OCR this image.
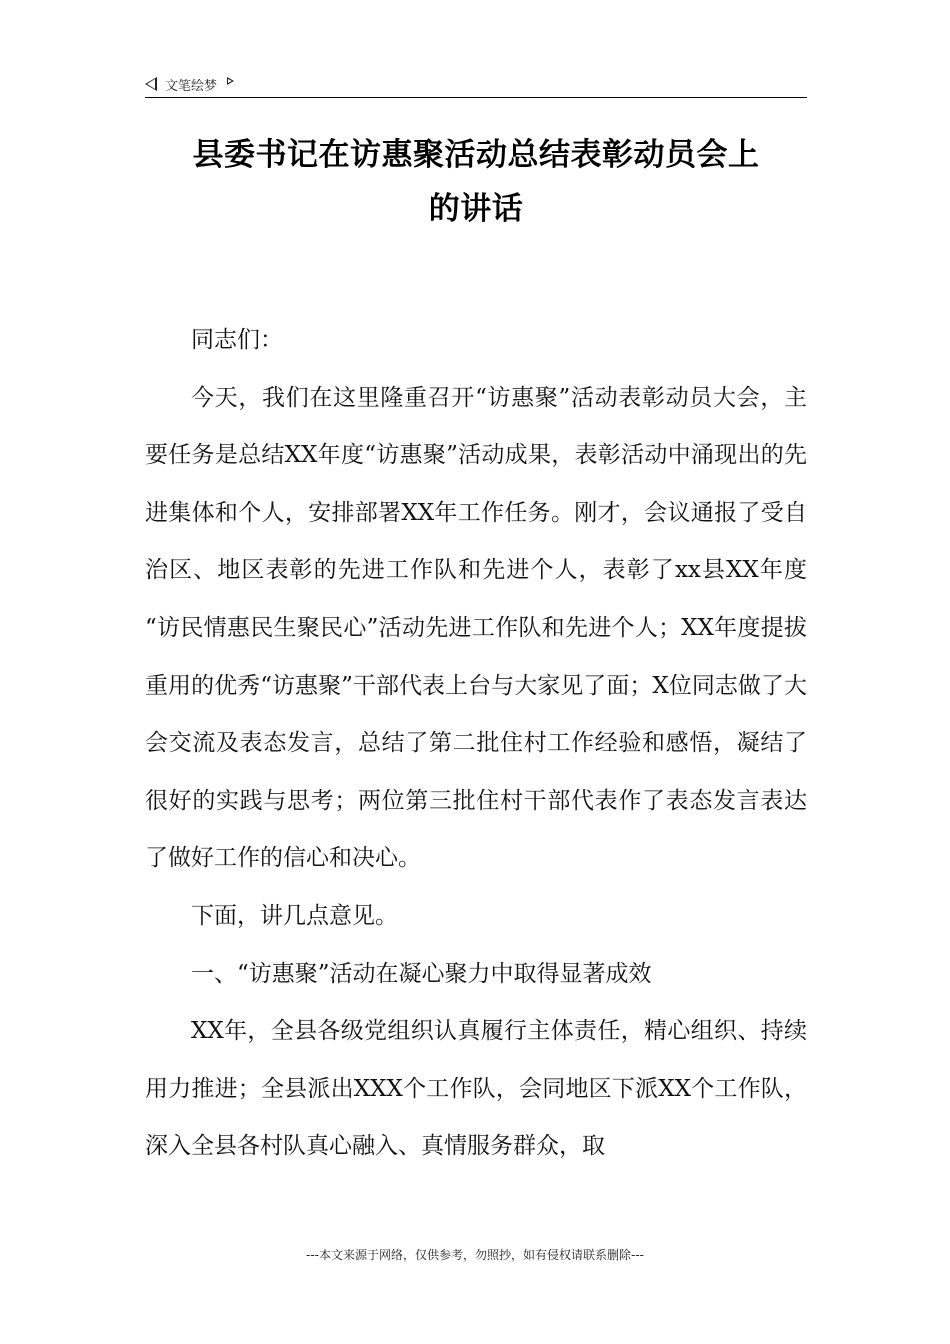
文笔绘梦
县委书记在访惠聚活动总结表彰动员会上
的讲话

同志们：

今天，我们在这里隆重召开“访惠聚”活动表彰动员大会，主要任务是总结XX年度“访惠聚”活动成果，表彰活动中涌现出的先进集体和个人，安排部署XX年工作任务。刚才，会议通报了受自治区、地区表彰的先进工作队和先进个人，表彰了xx县XX年度 “访民情惠民生聚民心”活动先进工作队和先进个人；XX年度提拔重用的优秀“访惠聚”干部代表上台与大家见了面；X位同志做了大会交流及表态发言，总结了第二批住村工作经验和感悟，凝结了很好的实践与思考；两位第三批住村干部代表作了表态发言表达了做好工作的信心和决心。

下面，讲几点意见。

一、“访惠聚”活动在凝心聚力中取得显著成效

XX年，全县各级党组织认真履行主体责任，精心组织、持续用力推进；全县派出XXX个工作队，会同地区下派XX个工作队，深入全县各村队真心融入、真情服务群众，取

---本文来源于网络，仅供参考，勿照抄，如有侵权请联系删除---
